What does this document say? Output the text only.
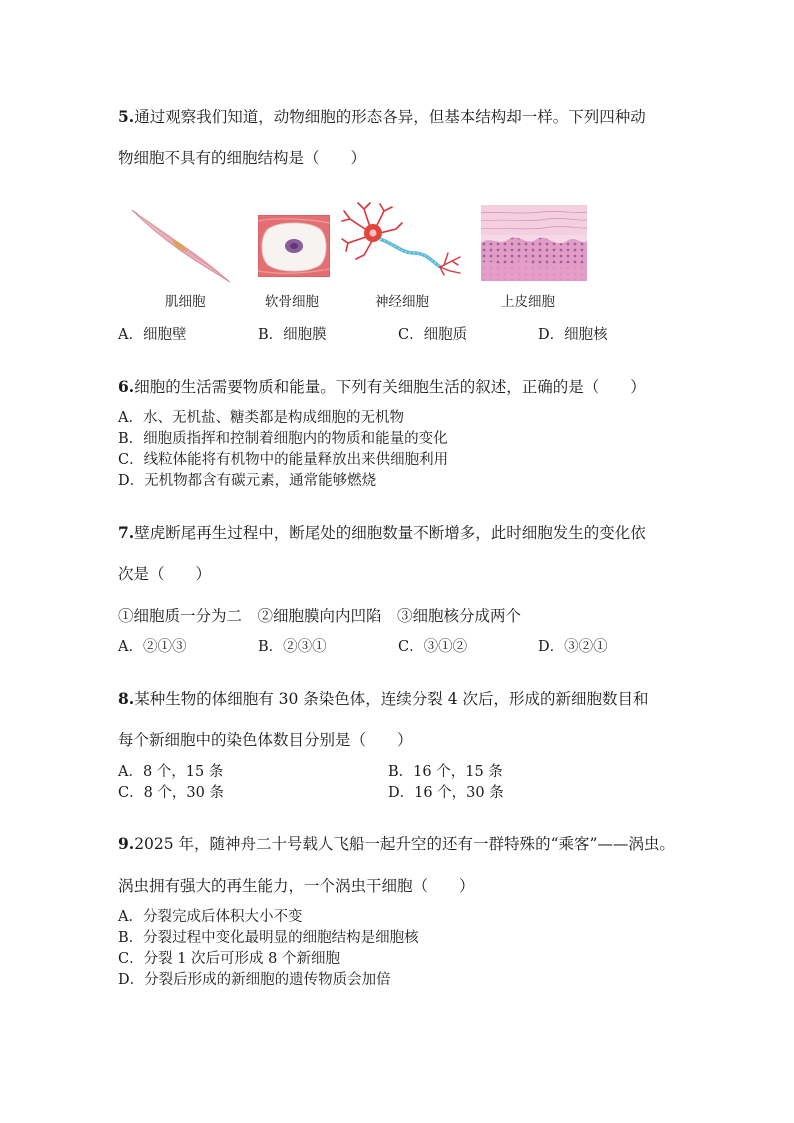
5.通过观察我们知道，动物细胞的形态各异，但基本结构却一样。下列四种动
物细胞不具有的细胞结构是（　　）
肌细胞	软骨细胞	神经细胞	上皮细胞
A．细胞壁	B．细胞膜	C．细胞质	D．细胞核
6.细胞的生活需要物质和能量。下列有关细胞生活的叙述，正确的是（　　）
A．水、无机盐、糖类都是构成细胞的无机物
B．细胞质指挥和控制着细胞内的物质和能量的变化
C．线粒体能将有机物中的能量释放出来供细胞利用
D．无机物都含有碳元素，通常能够燃烧
7.壁虎断尾再生过程中，断尾处的细胞数量不断增多，此时细胞发生的变化依
次是（　　）
①细胞质一分为二　②细胞膜向内凹陷　③细胞核分成两个
A．②①③	B．②③①	C．③①②	D．③②①
8.某种生物的体细胞有 30 条染色体，连续分裂 4 次后，形成的新细胞数目和
每个新细胞中的染色体数目分别是（　　）
A．8 个，15 条	B．16 个，15 条
C．8 个，30 条	D．16 个，30 条
9.2025 年，随神舟二十号载人飞船一起升空的还有一群特殊的“乘客”——涡虫。
涡虫拥有强大的再生能力，一个涡虫干细胞（　　）
A．分裂完成后体积大小不变
B．分裂过程中变化最明显的细胞结构是细胞核
C．分裂 1 次后可形成 8 个新细胞
D．分裂后形成的新细胞的遗传物质会加倍
